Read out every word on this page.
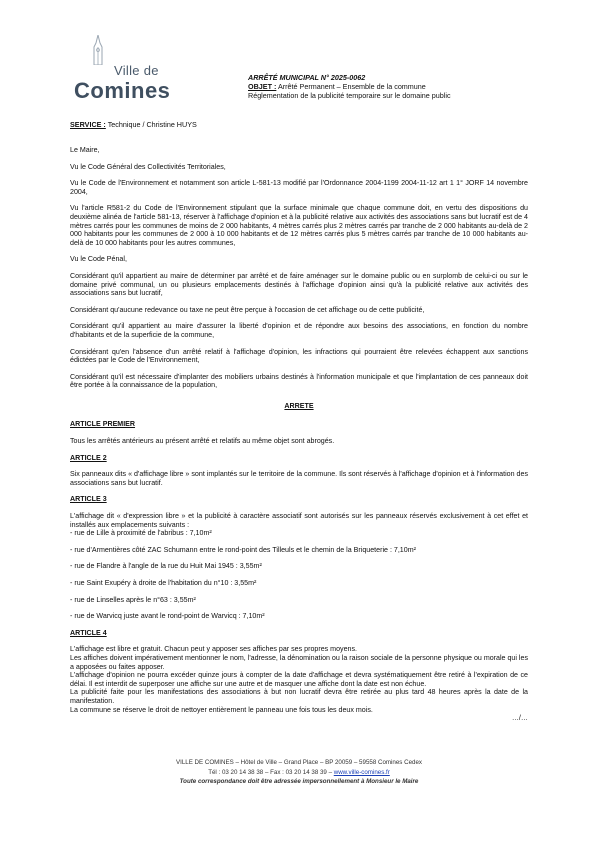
Ville de
Comines
ARRÊTÉ MUNICIPAL N° 2025-0062
OBJET : Arrêté Permanent – Ensemble de la commune
Réglementation de la publicité temporaire sur le domaine public
SERVICE : Technique / Christine HUYS

Le Maire,

Vu le Code Général des Collectivités Territoriales,

Vu le Code de l'Environnement et notamment son article L-581-13 modifié par l'Ordonnance 2004-1199 2004-11-12 art 1 1° JORF 14 novembre 2004,

Vu l'article R581-2 du Code de l'Environnement stipulant que la surface minimale que chaque commune doit, en vertu des dispositions du deuxième alinéa de l'article 581-13, réserver à l'affichage d'opinion et à la publicité relative aux activités des associations sans but lucratif est de 4 mètres carrés pour les communes de moins de 2 000 habitants, 4 mètres carrés plus 2 mètres carrés par tranche de 2 000 habitants au-delà de 2 000 habitants pour les communes de 2 000 à 10 000 habitants et de 12 mètres carrés plus 5 mètres carrés par tranche de 10 000 habitants au-delà de 10 000 habitants pour les autres communes,

Vu le Code Pénal,

Considérant qu'il appartient au maire de déterminer par arrêté et de faire aménager sur le domaine public ou en surplomb de celui-ci ou sur le domaine privé communal, un ou plusieurs emplacements destinés à l'affichage d'opinion ainsi qu'à la publicité relative aux activités des associations sans but lucratif,

Considérant qu'aucune redevance ou taxe ne peut être perçue à l'occasion de cet affichage ou de cette publicité,

Considérant qu'il appartient au maire d'assurer la liberté d'opinion et de répondre aux besoins des associations, en fonction du nombre d'habitants et de la superficie de la commune,

Considérant qu'en l'absence d'un arrêté relatif à l'affichage d'opinion, les infractions qui pourraient être relevées échappent aux sanctions édictées par le Code de l'Environnement,

Considérant qu'il est nécessaire d'implanter des mobiliers urbains destinés à l'information municipale et que l'implantation de ces panneaux doit être portée à la connaissance de la population,

ARRETE

ARTICLE PREMIER

Tous les arrêtés antérieurs au présent arrêté et relatifs au même objet sont abrogés.

ARTICLE 2

Six panneaux dits « d'affichage libre » sont implantés sur le territoire de la commune. Ils sont réservés à l'affichage d'opinion et à l'information des associations sans but lucratif.

ARTICLE 3

L'affichage dit « d'expression libre » et la publicité à caractère associatif sont autorisés sur les panneaux réservés exclusivement à cet effet et installés aux emplacements suivants :

- rue de Lille à proximité de l'abribus : 7,10m²

- rue d'Armentières côté ZAC Schumann entre le rond-point des Tilleuls et le chemin de la Briqueterie : 7,10m²

- rue de Flandre à l'angle de la rue du Huit Mai 1945 : 3,55m²

- rue Saint Exupéry à droite de l'habitation du n°10 : 3,55m²

- rue de Linselles après le n°63 : 3,55m²

- rue de Warvicq juste avant le rond-point de Warvicq : 7,10m²

ARTICLE 4

L'affichage est libre et gratuit. Chacun peut y apposer ses affiches par ses propres moyens.

Les affiches doivent impérativement mentionner le nom, l'adresse, la dénomination ou la raison sociale de la personne physique ou morale qui les a apposées ou faites apposer.

L'affichage d'opinion ne pourra excéder quinze jours à compter de la date d'affichage et devra systématiquement être retiré à l'expiration de ce délai. Il est interdit de superposer une affiche sur une autre et de masquer une affiche dont la date est non échue.

La publicité faite pour les manifestations des associations à but non lucratif devra être retirée au plus tard 48 heures après la date de la manifestation.

La commune se réserve le droit de nettoyer entièrement le panneau une fois tous les deux mois.

…/…

VILLE DE COMINES – Hôtel de Ville – Grand Place – BP 20059 – 59558 Comines Cedex
Tél : 03 20 14 38 38 – Fax : 03 20 14 38 39 – www.ville-comines.fr
Toute correspondance doit être adressée impersonnellement à Monsieur le Maire
